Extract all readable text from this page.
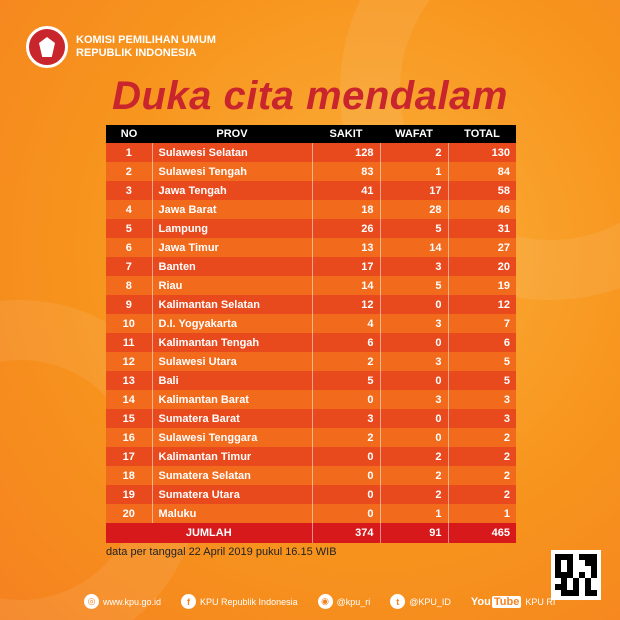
KOMISI PEMILIHAN UMUM
REPUBLIK INDONESIA
Duka cita mendalam
NO	PROV	SAKIT	WAFAT	TOTAL
1	Sulawesi Selatan	128	2	130
2	Sulawesi Tengah	83	1	84
3	Jawa Tengah	41	17	58
4	Jawa Barat	18	28	46
5	Lampung	26	5	31
6	Jawa Timur	13	14	27
7	Banten	17	3	20
8	Riau	14	5	19
9	Kalimantan Selatan	12	0	12
10	D.I. Yogyakarta	4	3	7
11	Kalimantan Tengah	6	0	6
12	Sulawesi Utara	2	3	5
13	Bali	5	0	5
14	Kalimantan Barat	0	3	3
15	Sumatera Barat	3	0	3
16	Sulawesi Tenggara	2	0	2
17	Kalimantan Timur	0	2	2
18	Sumatera Selatan	0	2	2
19	Sumatera Utara	0	2	2
20	Maluku	0	1	1
JUMLAH		374	91	465
data per tanggal 22 April 2019 pukul 16.15 WIB
◎ www.kpu.go.id	f	KPU Republik Indonesia	◉ @kpu_ri	t	@KPU_ID You Tube KPU RI
